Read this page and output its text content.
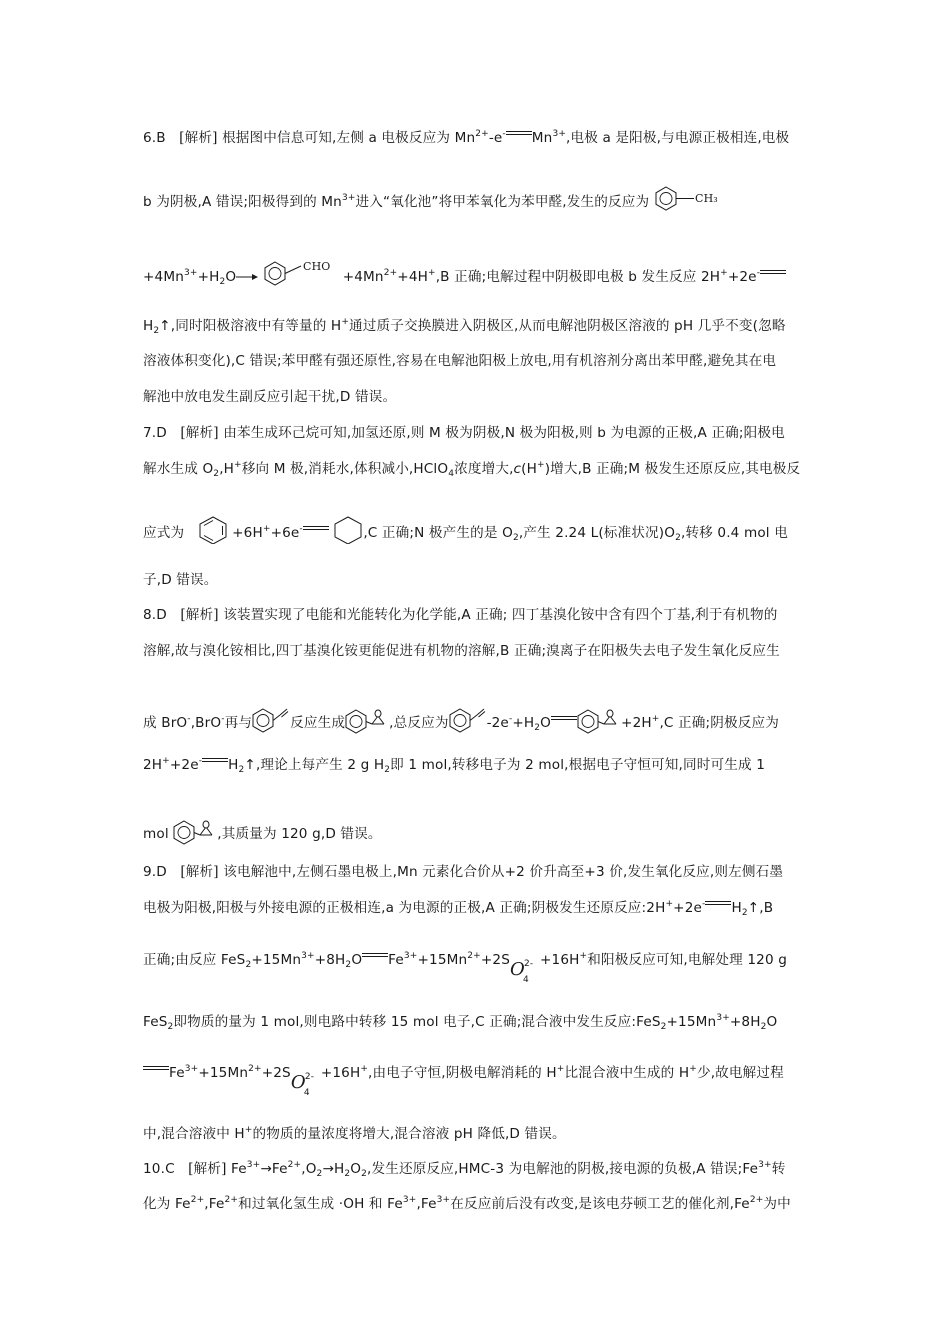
6.B [解析] 根据图中信息可知,左侧 a 电极反应为 $Mn^{2+}-e^-$ $Mn^{3+}$,电极 a 是阳极,与电源正极相连,电极
b 为阴极,A 错误;阳极得到的 $Mn^{3+}$进入“氧化池”将甲苯氧化为苯甲醛,发生的反应为	CH₃
$+4Mn^{3+}+H_2O$
CHO
$+4Mn^{2+}+4H^+,B$ 正确;电解过程中阴极即电极 b 发生反应 2H++2e-
$H_2↑$,同时阳极溶液中有等量的 H+通过质子交换膜进入阴极区,从而电解池阴极区溶液的 pH 几乎不变(忽略
溶液体积变化),C 错误;苯甲醛有强还原性,容易在电解池阳极上放电,用有机溶剂分离出苯甲醛,避免其在电
解池中放电发生副反应引起干扰,D 错误。
7.D [解析] 由苯生成环己烷可知,加氢还原,则 M 极为阴极,N 极为阳极,则 b 为电源的正极,A 正确;阳极电
解水生成 $O_2,H^+$移向 M 极,消耗水,体积减小,HClO$_4$浓度增大,c(H+)增大,B 正确;M 极发生还原反应,其电极反
应式为	+6H++6e-	,C 正确;N 极产生的是 $O_2$,产生 2.24 L(标准状况)$O_2$,转移 0.4 mol 电
子,D 错误。
8.D [解析] 该装置实现了电能和光能转化为化学能,A 正确; 四丁基溴化铵中含有四个丁基,利于有机物的
溶解,故与溴化铵相比,四丁基溴化铵更能促进有机物的溶解,B 正确;溴离子在阳极失去电子发生氧化反应生
成 BrO-,BrO-再与	反应生成	,总反应为	$-2e^-+H_2O$	+2H+,C 正确;阴极反应为
2H++2e- $H_2↑$,理论上每产生 2 g $H_2$即 1 mol,转移电子为 2 mol,根据电子守恒可知,同时可生成 1
mol	,其质量为 120 g,D 错误。
9.D [解析] 该电解池中,左侧石墨电极上,Mn 元素化合价从+2 价升高至+3 价,发生氧化反应,则左侧石墨
电极为阳极,阳极与外接电源的正极相连,a 为电源的正极,A 正确;阴极发生还原反应:2H++2e- $H_2↑,B$
正确;由反应 $FeS_2+15Mn^{3+}+8H_2O$ $Fe^{3+}+15Mn^{2+}+2S$ O 2-
4
+16H+和阳极反应可知,电解处理 120 g
FeS$_2$即物质的量为 1 mol,则电路中转移 15 mol 电子,C 正确;混合液中发生反应$:FeS_2+15Mn^{3+}+8H_2O$
$Fe^{3+}+15Mn^{2+}+2S$ O 2-
4
+16H+,由电子守恒,阴极电解消耗的 H+比混合液中生成的 H+少,故电解过程
中,混合溶液中 H+的物质的量浓度将增大,混合溶液 pH 降低,D 错误。
10.C [解析] $Fe^{3+}\to Fe^{2+},O_2\to H_2O_2$,发生还原反应,HMC-3 为电解池的阴极,接电源的负极,A 错误$;Fe^{3+}$转
化为 $Fe^{2+},Fe^{2+}$和过氧化氢生成 ·OH 和 $Fe^{3+},Fe^{3+}$在反应前后没有改变,是该电芬顿工艺的催化剂$,Fe^{2+}$为中
